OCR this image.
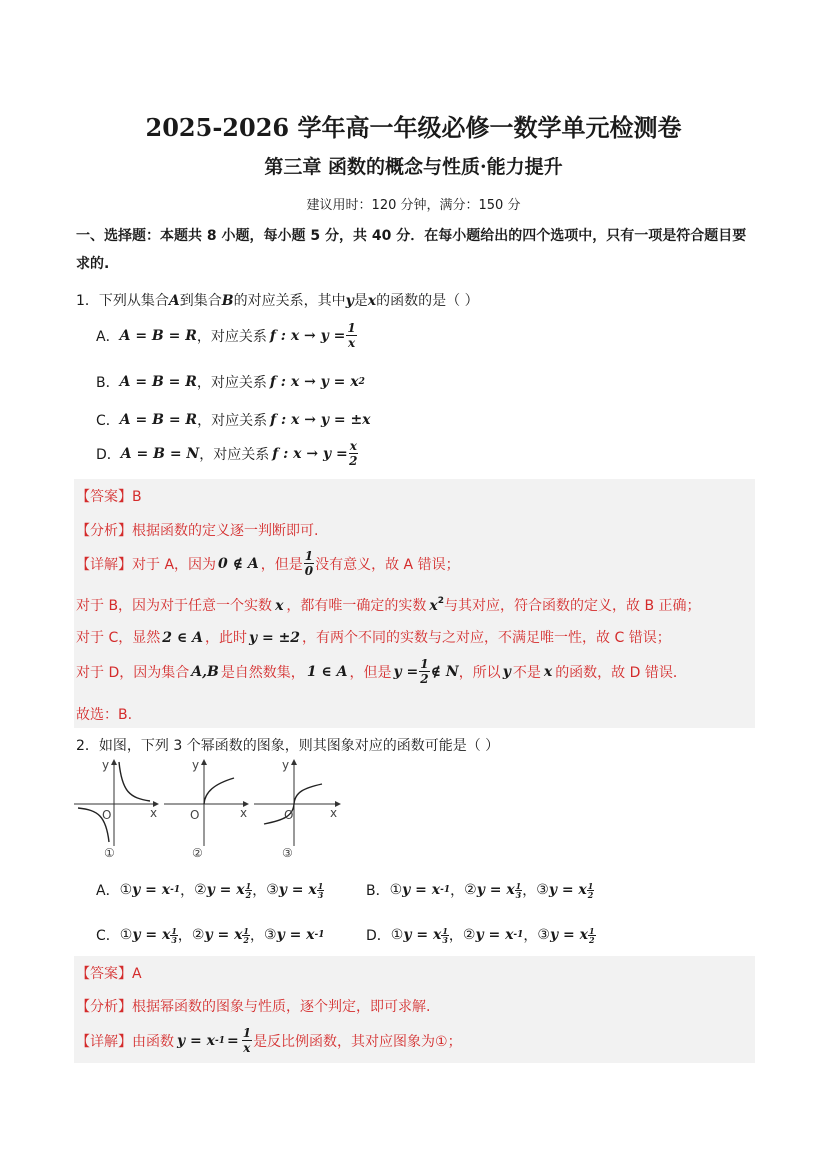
2025-2026 学年高一年级必修一数学单元检测卷
第三章 函数的概念与性质·能力提升
建议用时：120 分钟，满分：150 分
一、选择题：本题共 8 小题，每小题 5 分，共 40 分．在每小题给出的四个选项中，只有一项是符合题目要求的.
1．下列从集合A到集合B的对应关系，其中y是x的函数的是（ ）
A． A = B = R ，对应关系 f : $x \to y = \frac{1}{x}$
B． A = B = R ，对应关系 f : x → y = x 2
C． A = B = R ，对应关系 f : x → y = ±x
D． A = B = N ，对应关系 f : $x \to y = \frac{x}{2}$
【答案】B
【分析】根据函数的定义逐一判断即可.
【详解】 对于 A，因为 0 ∉ A ，但是 $\frac{1}{0}$ 没有意义，故 A 错误；
对于 B，因为对于任意一个实数 x ，都有唯一确定的实数 $x^2$与其对应，符合函数的定义，故 B 正确；
对于 C，显然 2 ∈ A ，此时 y = ±2 ，有两个不同的实数与之对应，不满足唯一性，故 C 错误；
对于 D，因为集合 A,B 是自然数集， 1 ∈ A ，但是 $y = \frac{1}{2}$ ∉ N ，所以 y 不是 x 的函数，故 D 错误．
故选：B.
2．如图，下列 3 个幂函数的图象，则其图象对应的函数可能是（ ）
y
x
O
①
y
x
O
②
y
x
O
③
A． ① y = x -1 ， ② y = x 1
2 ， ③ y = x 1
3	B． ① y = x -1 ， ② y = x 1
3 ， ③ y = x 1
2
C． ① y = x 1
3 ， ② y = x 1
2 ， ③ y = x -1	D． ① y = x 1
3 ， ② y = x -1 ， ③ y = x 1
2
【答案】A
【分析】根据幂函数的图象与性质，逐个判定，即可求解.
【详解】 由函数 y = x $-1 = \frac{1}{x}$ 是反比例函数，其对应图象为①；
